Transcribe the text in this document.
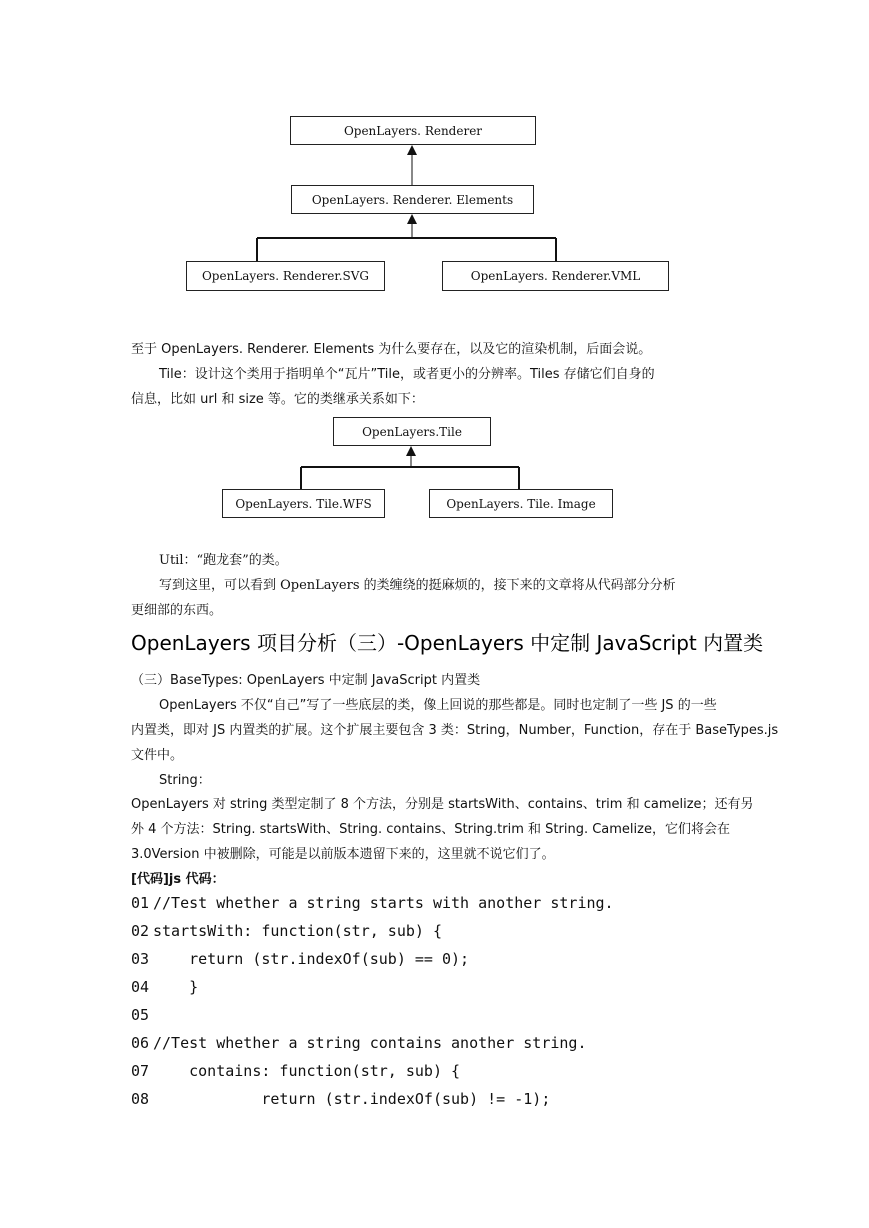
OpenLayers. Renderer
OpenLayers. Renderer. Elements
OpenLayers. Renderer.SVG	OpenLayers. Renderer.VML
至于 OpenLayers. Renderer. Elements 为什么要存在，以及它的渲染机制，后面会说。
Tile：设计这个类用于指明单个“瓦片”Tile，或者更小的分辨率。Tiles 存储它们自身的
信息，比如 url 和 size 等。它的类继承关系如下：
OpenLayers.Tile
OpenLayers. Tile.WFS	OpenLayers. Tile. Image
Util：“跑龙套”的类。
写到这里，可以看到 OpenLayers 的类缠绕的挺麻烦的，接下来的文章将从代码部分分析
更细部的东西。
OpenLayers 项目分析（三）-OpenLayers 中定制 JavaScript 内置类
（三）BaseTypes: OpenLayers 中定制 JavaScript 内置类
OpenLayers 不仅“自己”写了一些底层的类，像上回说的那些都是。同时也定制了一些 JS 的一些
内置类，即对 JS 内置类的扩展。这个扩展主要包含 3 类：String，Number，Function，存在于 BaseTypes.js
文件中。
String：
OpenLayers 对 string 类型定制了 8 个方法，分别是 startsWith、contains、trim 和 camelize；还有另
外 4 个方法：String. startsWith、String. contains、String.trim 和 String. Camelize，它们将会在
3.0Version 中被删除，可能是以前版本遗留下来的，这里就不说它们了。
[代码]js 代码：
01 //Test whether a string starts with another string.
02 startsWith: function(str, sub) {
03    return (str.indexOf(sub) == 0);
04    }
05
06 //Test whether a string contains another string.
07    contains: function(str, sub) {
08            return (str.indexOf(sub) != -1);
